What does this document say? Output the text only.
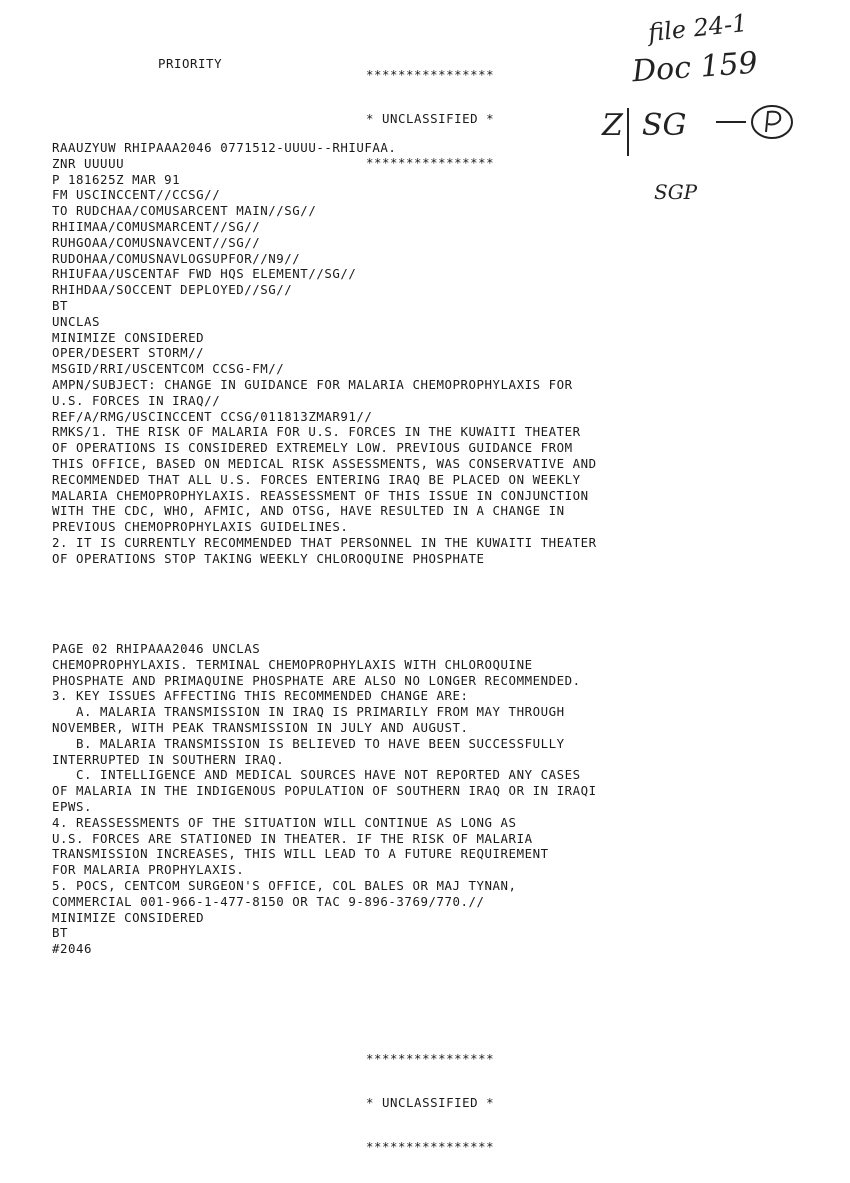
PRIORITY

****************

* UNCLASSIFIED *

****************

file 24-1
Doc 159
Z  SG
SGP
RAAUZYUW RHIPAAA2046 0771512-UUUU--RHIUFAA.
ZNR UUUUU
P 181625Z MAR 91
FM USCINCCENT//CCSG//
TO RUDCHAA/COMUSARCENT MAIN//SG//
RHIIMAA/COMUSMARCENT//SG//
RUHGOAA/COMUSNAVCENT//SG//
RUDOHAA/COMUSNAVLOGSUPFOR//N9//
RHIUFAA/USCENTAF FWD HQS ELEMENT//SG//
RHIHDAA/SOCCENT DEPLOYED//SG//
BT
UNCLAS
MINIMIZE CONSIDERED
OPER/DESERT STORM//
MSGID/RRI/USCENTCOM CCSG-FM//
AMPN/SUBJECT: CHANGE IN GUIDANCE FOR MALARIA CHEMOPROPHYLAXIS FOR
U.S. FORCES IN IRAQ//
REF/A/RMG/USCINCCENT CCSG/011813ZMAR91//
RMKS/1. THE RISK OF MALARIA FOR U.S. FORCES IN THE KUWAITI THEATER
OF OPERATIONS IS CONSIDERED EXTREMELY LOW. PREVIOUS GUIDANCE FROM
THIS OFFICE, BASED ON MEDICAL RISK ASSESSMENTS, WAS CONSERVATIVE AND
RECOMMENDED THAT ALL U.S. FORCES ENTERING IRAQ BE PLACED ON WEEKLY
MALARIA CHEMOPROPHYLAXIS. REASSESSMENT OF THIS ISSUE IN CONJUNCTION
WITH THE CDC, WHO, AFMIC, AND OTSG, HAVE RESULTED IN A CHANGE IN
PREVIOUS CHEMOPROPHYLAXIS GUIDELINES.
2. IT IS CURRENTLY RECOMMENDED THAT PERSONNEL IN THE KUWAITI THEATER
OF OPERATIONS STOP TAKING WEEKLY CHLOROQUINE PHOSPHATE
PAGE 02 RHIPAAA2046 UNCLAS
CHEMOPROPHYLAXIS. TERMINAL CHEMOPROPHYLAXIS WITH CHLOROQUINE
PHOSPHATE AND PRIMAQUINE PHOSPHATE ARE ALSO NO LONGER RECOMMENDED.
3. KEY ISSUES AFFECTING THIS RECOMMENDED CHANGE ARE:
A. MALARIA TRANSMISSION IN IRAQ IS PRIMARILY FROM MAY THROUGH
NOVEMBER, WITH PEAK TRANSMISSION IN JULY AND AUGUST.
B. MALARIA TRANSMISSION IS BELIEVED TO HAVE BEEN SUCCESSFULLY
INTERRUPTED IN SOUTHERN IRAQ.
C. INTELLIGENCE AND MEDICAL SOURCES HAVE NOT REPORTED ANY CASES
OF MALARIA IN THE INDIGENOUS POPULATION OF SOUTHERN IRAQ OR IN IRAQI
EPWS.
4. REASSESSMENTS OF THE SITUATION WILL CONTINUE AS LONG AS
U.S. FORCES ARE STATIONED IN THEATER. IF THE RISK OF MALARIA
TRANSMISSION INCREASES, THIS WILL LEAD TO A FUTURE REQUIREMENT
FOR MALARIA PROPHYLAXIS.
5. POCS, CENTCOM SURGEON'S OFFICE, COL BALES OR MAJ TYNAN,
COMMERCIAL 001-966-1-477-8150 OR TAC 9-896-3769/770.//
MINIMIZE CONSIDERED
BT
#2046

****************

* UNCLASSIFIED *

****************
